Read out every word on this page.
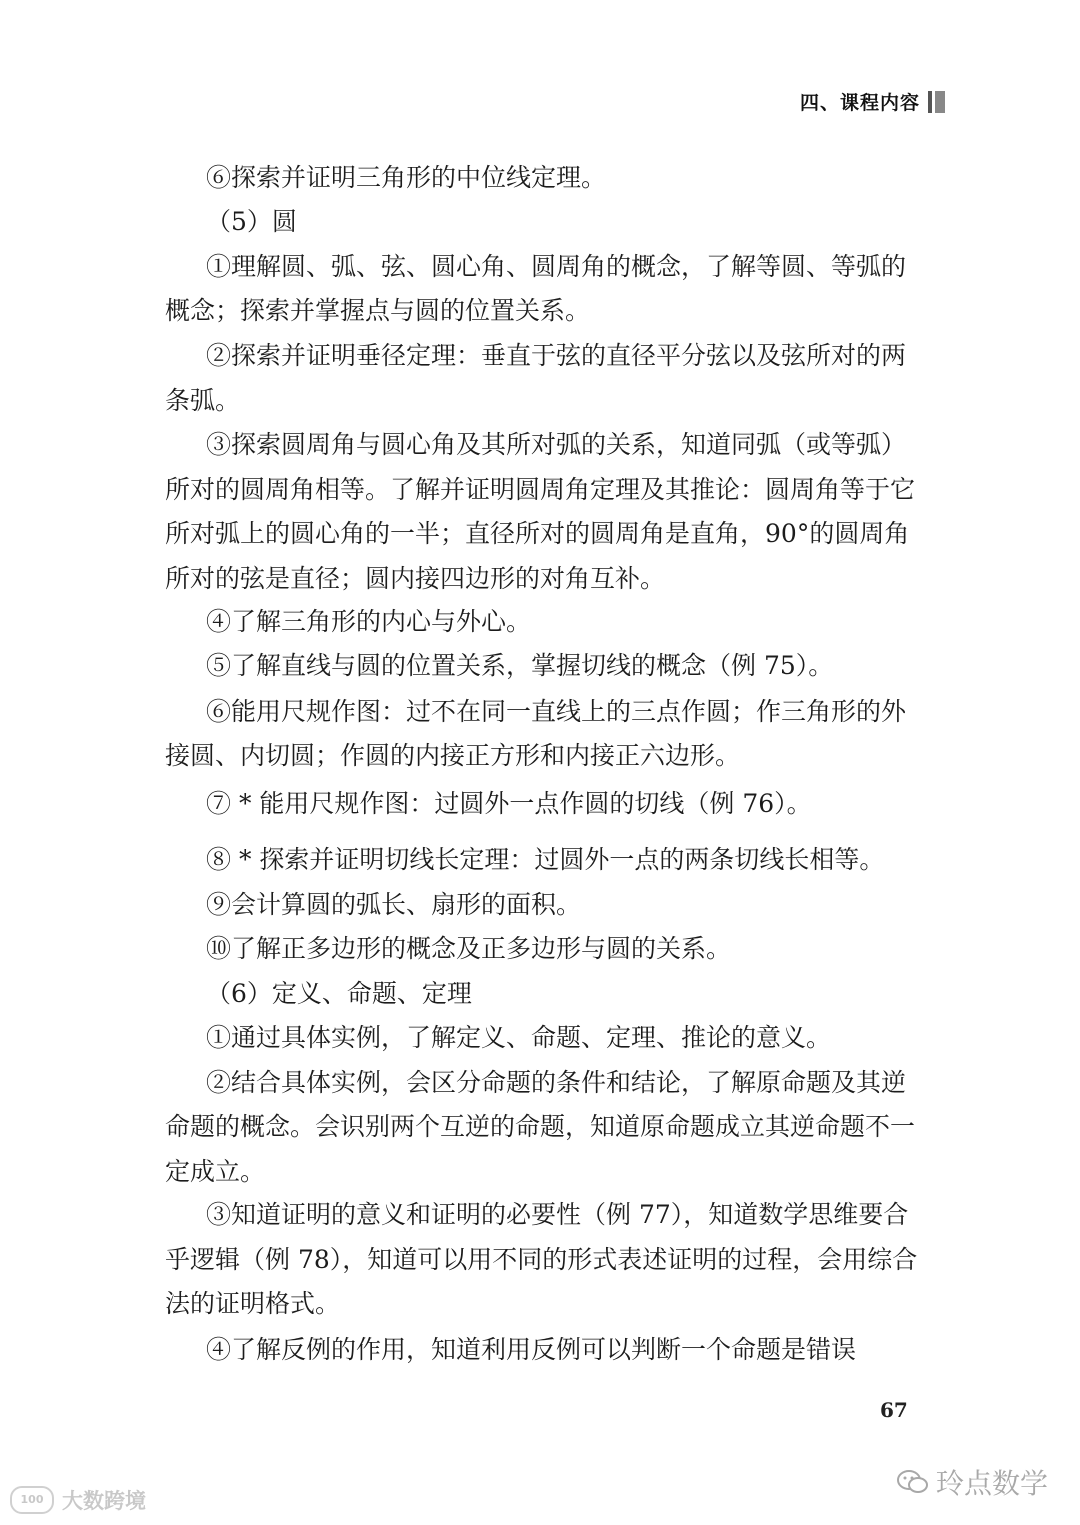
四、课程内容
⑥探索并证明三角形的中位线定理。
（5）圆
①理解圆、弧、弦、圆心角、圆周角的概念，了解等圆、等弧的
概念；探索并掌握点与圆的位置关系。
②探索并证明垂径定理：垂直于弦的直径平分弦以及弦所对的两
条弧。
③探索圆周角与圆心角及其所对弧的关系，知道同弧（或等弧）
所对的圆周角相等。了解并证明圆周角定理及其推论：圆周角等于它
所对弧上的圆心角的一半；直径所对的圆周角是直角，90°的圆周角
所对的弦是直径；圆内接四边形的对角互补。
④了解三角形的内心与外心。
⑤了解直线与圆的位置关系，掌握切线的概念（例 75）。
⑥能用尺规作图：过不在同一直线上的三点作圆；作三角形的外
接圆、内切圆；作圆的内接正方形和内接正六边形。
⑦ * 能用尺规作图：过圆外一点作圆的切线（例 76）。
⑧ * 探索并证明切线长定理：过圆外一点的两条切线长相等。
⑨会计算圆的弧长、扇形的面积。
⑩了解正多边形的概念及正多边形与圆的关系。
（6）定义、命题、定理
①通过具体实例，了解定义、命题、定理、推论的意义。
②结合具体实例，会区分命题的条件和结论，了解原命题及其逆
命题的概念。会识别两个互逆的命题，知道原命题成立其逆命题不一
定成立。
③知道证明的意义和证明的必要性（例 77），知道数学思维要合
乎逻辑（例 78），知道可以用不同的形式表述证明的过程，会用综合
法的证明格式。
④了解反例的作用，知道利用反例可以判断一个命题是错误
67
100 大数跨境
玲点数学
